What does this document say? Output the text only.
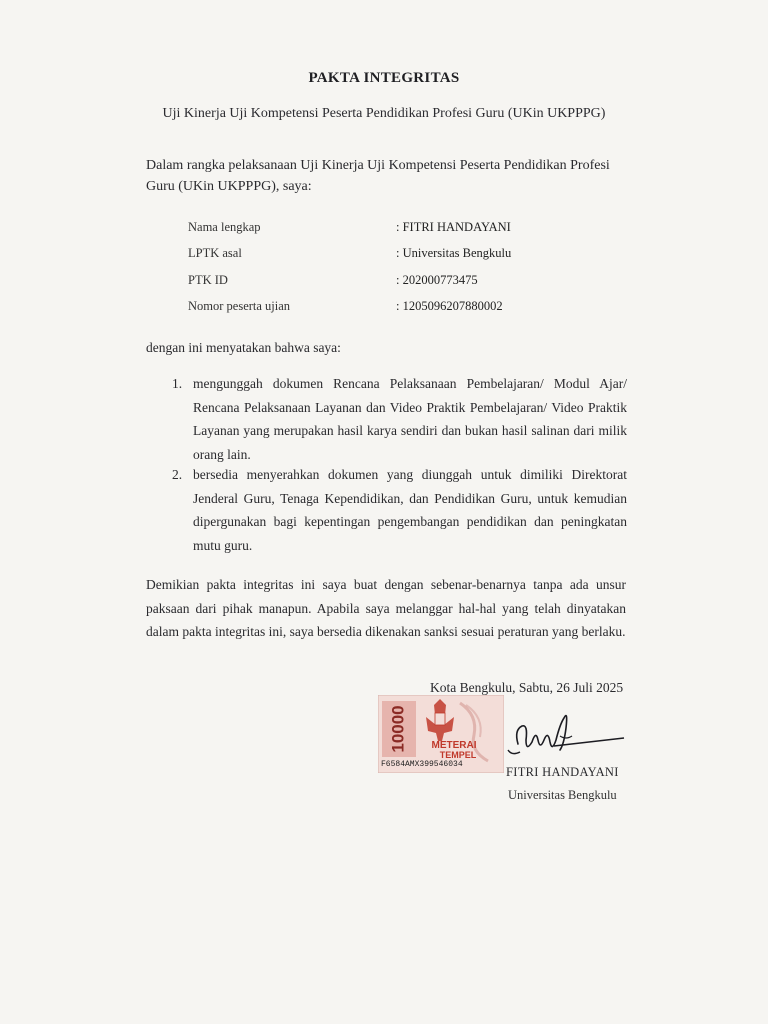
PAKTA INTEGRITAS
Uji Kinerja Uji Kompetensi Peserta Pendidikan Profesi Guru (UKin UKPPPG)
Dalam rangka pelaksanaan Uji Kinerja Uji Kompetensi Peserta Pendidikan Profesi Guru (UKin UKPPPG), saya:
Nama lengkap	: FITRI HANDAYANI
LPTK asal	: Universitas Bengkulu
PTK ID	: 202000773475
Nomor peserta ujian	: 1205096207880002
dengan ini menyatakan bahwa saya:
1. mengunggah dokumen Rencana Pelaksanaan Pembelajaran/ Modul Ajar/ Rencana Pelaksanaan Layanan dan Video Praktik Pembelajaran/ Video Praktik Layanan yang merupakan hasil karya sendiri dan bukan hasil salinan dari milik orang lain.
2. bersedia menyerahkan dokumen yang diunggah untuk dimiliki Direktorat Jenderal Guru, Tenaga Kependidikan, dan Pendidikan Guru, untuk kemudian dipergunakan bagi kepentingan pengembangan pendidikan dan peningkatan mutu guru.
Demikian pakta integritas ini saya buat dengan sebenar-benarnya tanpa ada unsur paksaan dari pihak manapun. Apabila saya melanggar hal-hal yang telah dinyatakan dalam pakta integritas ini, saya bersedia dikenakan sanksi sesuai peraturan yang berlaku.
Kota Bengkulu, Sabtu, 26 Juli 2025
10000 METERAI
TEMPEL
F6584AMX399546034
FITRI HANDAYANI
Universitas Bengkulu
